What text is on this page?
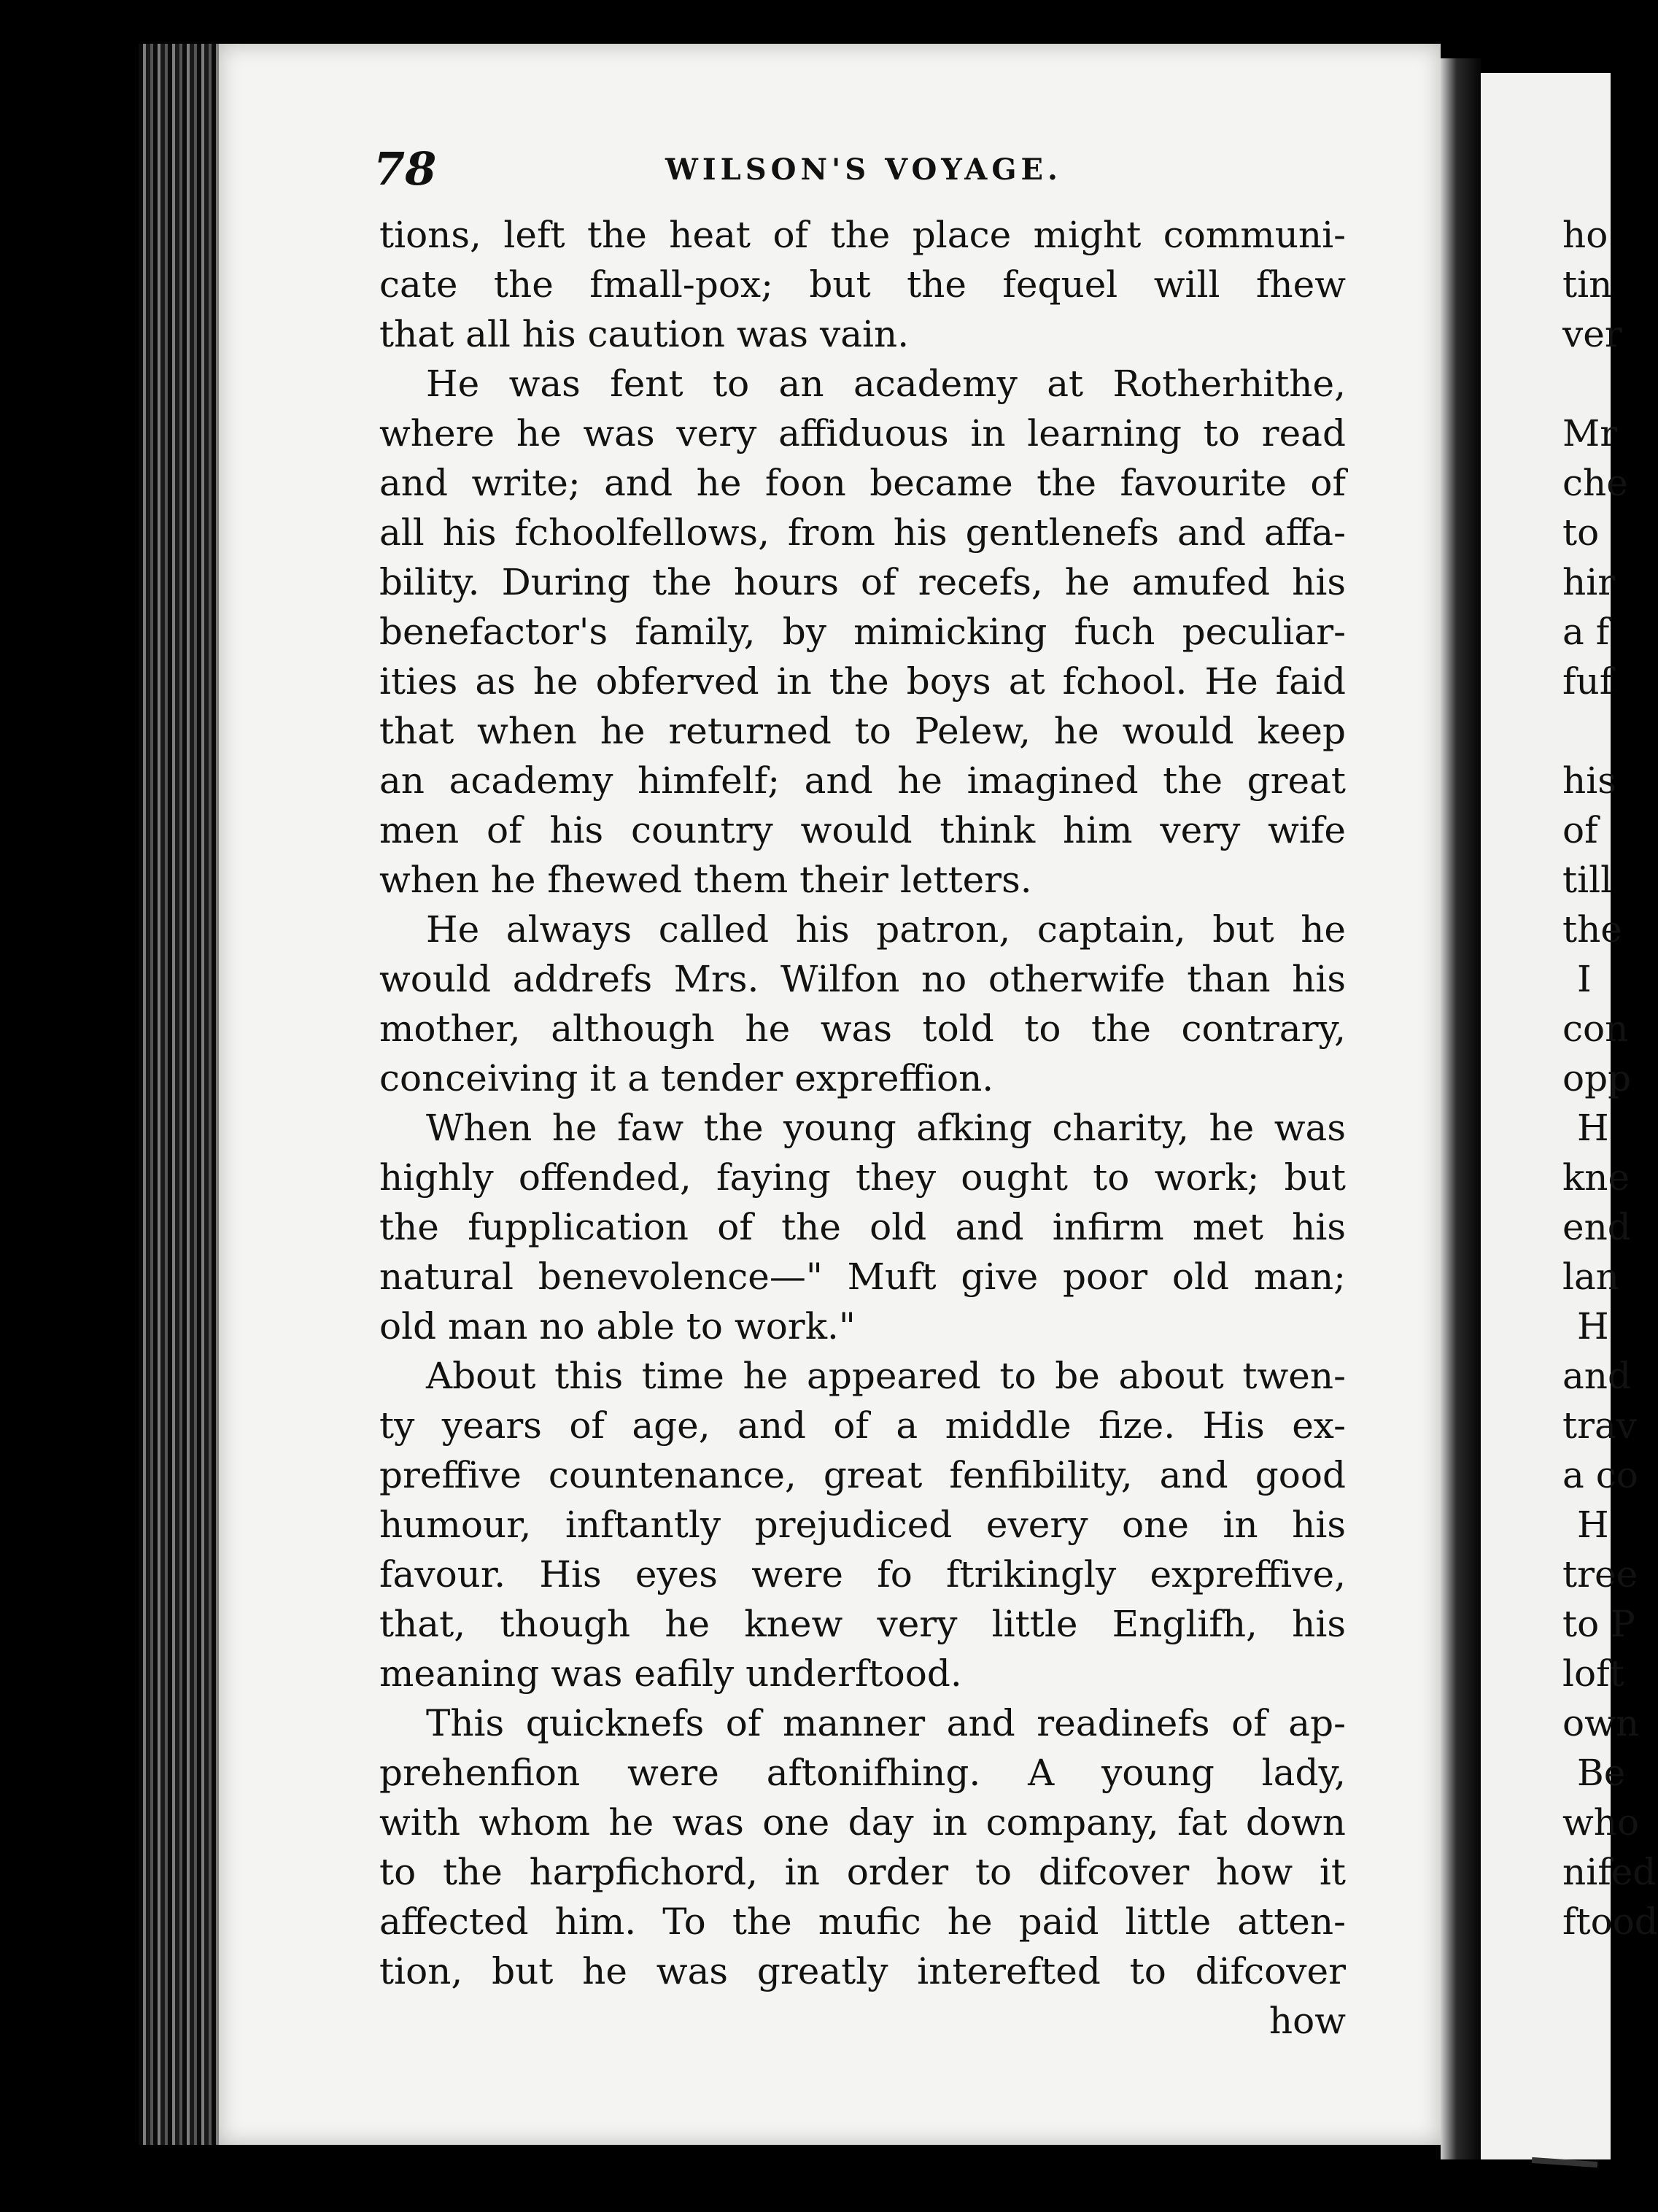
78	WILSON'S VOYAGE.
tions, left the heat of the place might communi-
cate the fmall-pox; but the fequel will fhew
that all his caution was vain.
He was fent to an academy at Rotherhithe,
where he was very affiduous in learning to read
and write; and he foon became the favourite of
all his fchoolfellows, from his gentlenefs and affa-
bility. During the hours of recefs, he amufed his
benefactor's family, by mimicking fuch peculiar-
ities as he obferved in the boys at fchool. He faid
that when he returned to Pelew, he would keep
an academy himfelf; and he imagined the great
men of his country would think him very wife
when he fhewed them their letters.
He always called his patron, captain, but he
would addrefs Mrs. Wilfon no otherwife than his
mother, although he was told to the contrary,
conceiving it a tender expreffion.
When he faw the young afking charity, he was
highly offended, faying they ought to work; but
the fupplication of the old and infirm met his
natural benevolence—" Muft give poor old man;
old man no able to work."
About this time he appeared to be about twen-
ty years of age, and of a middle fize. His ex-
preffive countenance, great fenfibility, and good
humour, inftantly prejudiced every one in his
favour. His eyes were fo ftrikingly expreffive,
that, though he knew very little Englifh, his
meaning was eafily underftood.
This quicknefs of manner and readinefs of ap-
prehenfion were aftonifhing. A young lady,
with whom he was one day in company, fat down
to the harpfichord, in order to difcover how it
affected him. To the mufic he paid little atten-
tion, but he was greatly interefted to difcover
how
ho
tin
ver
Mr
che
to
hir
a f
fuf
his
of
till
the
I
con
opp
H
kne
end
lan
H
and
trav
a co
H
tree
to P
loft
own
Be
who
nifed
ftood
